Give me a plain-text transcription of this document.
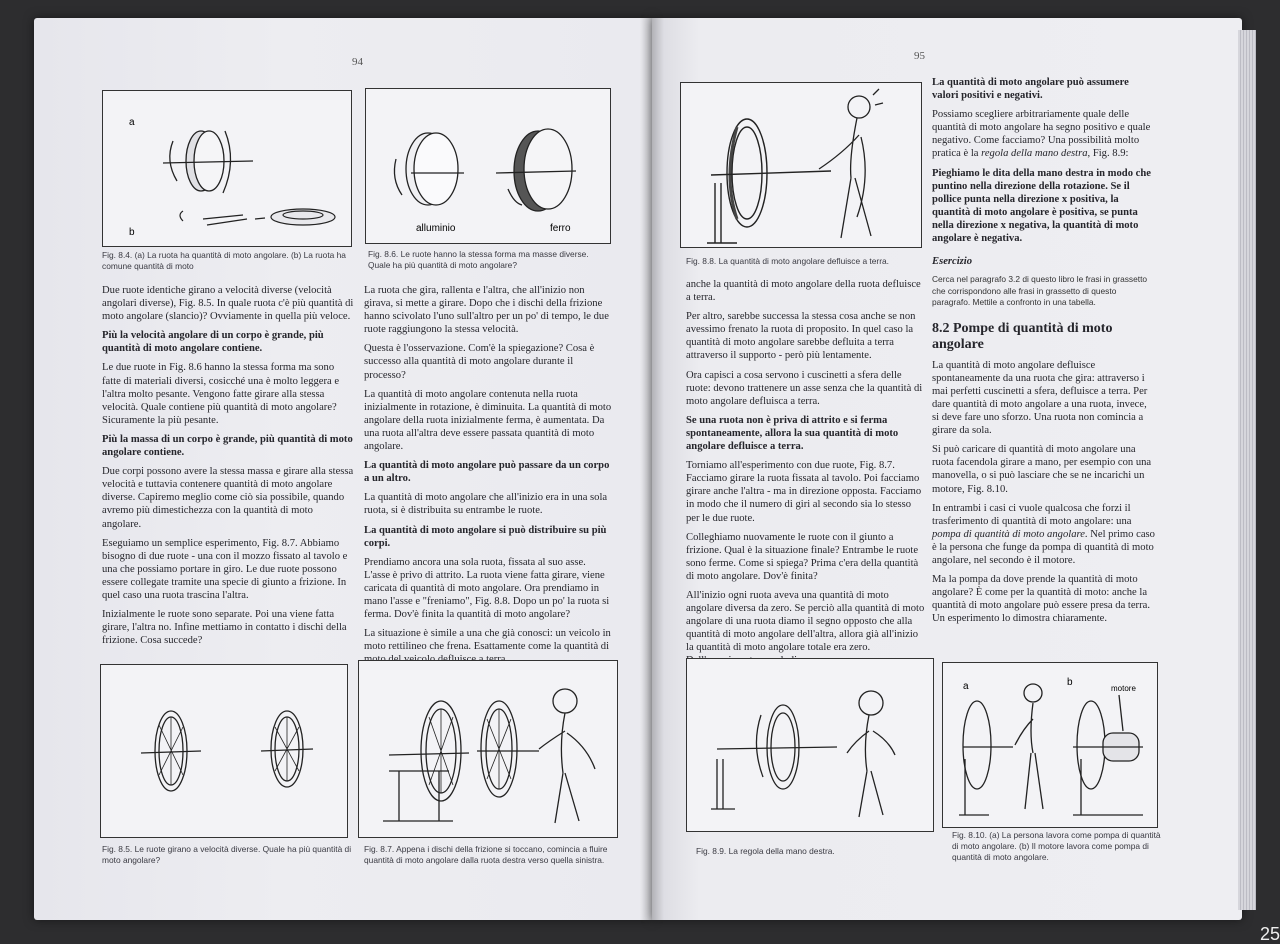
94
a
b
Fig. 8.4. (a) La ruota ha quantità di moto angolare. (b) La ruota ha comune quantità di moto
alluminio	ferro
Fig. 8.6. Le ruote hanno la stessa forma ma masse diverse. Quale ha più quantità di moto angolare?

Due ruote identiche girano a velocità diverse (velocità angolari diverse), Fig. 8.5. In quale ruota c'è più quantità di moto angolare (slancio)? Ovviamente in quella più veloce.

Più la velocità angolare di un corpo è grande, più quantità di moto angolare contiene.

Le due ruote in Fig. 8.6 hanno la stessa forma ma sono fatte di materiali diversi, cosicché una è molto leggera e l'altra molto pesante. Vengono fatte girare alla stessa velocità. Quale contiene più quantità di moto angolare? Sicuramente la più pesante.

Più la massa di un corpo è grande, più quantità di moto angolare contiene.

Due corpi possono avere la stessa massa e girare alla stessa velocità e tuttavia contenere quantità di moto angolare diverse. Capiremo meglio come ciò sia possibile, quando avremo più dimestichezza con la quantità di moto angolare.

Eseguiamo un semplice esperimento, Fig. 8.7. Abbiamo bisogno di due ruote - una con il mozzo fissato al tavolo e una che possiamo portare in giro. Le due ruote possono essere collegate tramite una specie di giunto a frizione. In quel caso una ruota trascina l'altra.

Inizialmente le ruote sono separate. Poi una viene fatta girare, l'altra no. Infine mettiamo in contatto i dischi della frizione. Cosa succede?

La ruota che gira, rallenta e l'altra, che all'inizio non girava, si mette a girare. Dopo che i dischi della frizione hanno scivolato l'uno sull'altro per un po' di tempo, le due ruote raggiungono la stessa velocità.

Questa è l'osservazione. Com'è la spiegazione? Cosa è successo alla quantità di moto angolare durante il processo?

La quantità di moto angolare contenuta nella ruota inizialmente in rotazione, è diminuita. La quantità di moto angolare della ruota inizialmente ferma, è aumentata. Da una ruota all'altra deve essere passata quantità di moto angolare.

La quantità di moto angolare può passare da un corpo a un altro.

La quantità di moto angolare che all'inizio era in una sola ruota, si è distribuita su entrambe le ruote.

La quantità di moto angolare si può distribuire su più corpi.

Prendiamo ancora una sola ruota, fissata al suo asse. L'asse è privo di attrito. La ruota viene fatta girare, viene caricata di quantità di moto angolare. Ora prendiamo in mano l'asse e "freniamo", Fig. 8.8. Dopo un po' la ruota si ferma. Dov'è finita la quantità di moto angolare?

La situazione è simile a una che già conosci: un veicolo in moto rettilineo che frena. Esattamente come la quantità di

Fig. 8.5. Le ruote girano a velocità diverse. Quale ha più quantità di moto angolare?
Fig. 8.7. Appena i dischi della frizione si toccano, comincia a fluire quantità di moto angolare dalla ruota destra verso quella sinistra.
95
Fig. 8.8. La quantità di moto angolare defluisce a terra.

anche la quantità di moto angolare della ruota defluisce a terra.

Per altro, sarebbe successa la stessa cosa anche se non avessimo frenato la ruota di proposito. In quel caso la quantità di moto angolare sarebbe defluita a terra attraverso il supporto - però più lentamente.

Ora capisci a cosa servono i cuscinetti a sfera delle ruote: devono trattenere un asse senza che la quantità di moto angolare defluisca a terra.

Se una ruota non è priva di attrito e si ferma spontaneamente, allora la sua quantità di moto angolare defluisce a terra.

Torniamo all'esperimento con due ruote, Fig. 8.7. Facciamo girare la ruota fissata al tavolo. Poi facciamo girare anche l'altra - ma in direzione opposta. Facciamo in modo che il numero di giri al secondo sia lo stesso per le due ruote.

Colleghiamo nuovamente le ruote con il giunto a frizione. Qual è la situazione finale? Entrambe le ruote sono ferme. Come si spiega? Prima c'era della quantità di moto angolare. Dov'è finita?

All'inizio ogni ruota aveva una quantità di moto angolare diversa da zero. Se perciò alla quantità di moto angolare di una ruota diamo il segno opposto che alla quantità di moto angolare dell'altra, allora già all'inizio la quantità di moto angolare totale era zero.

La quantità di moto angolare può assumere valori positivi e negativi.

Possiamo scegliere arbitrariamente quale delle quantità di moto angolare ha segno positivo e quale negativo. Come facciamo? Una possibilità molto pratica è la regola della mano destra, Fig. 8.9:

Pieghiamo le dita della mano destra in modo che puntino nella direzione della rotazione. Se il pollice punta nella direzione x positiva, la quantità di moto angolare è positiva, se punta nella direzione x negativa, la quantità di moto angolare è negativa.

Esercizio

Cerca nel paragrafo 3.2 di questo libro le frasi in grassetto che corrispondono alle frasi in grassetto di questo paragrafo. Mettile a confronto in una tabella.

8.2 Pompe di quantità di moto angolare

La quantità di moto angolare defluisce spontaneamente da una ruota che gira: attraverso i mai perfetti cuscinetti a sfera, defluisce a terra. Per dare quantità di moto angolare a una ruota, invece, si deve fare uno sforzo. Una ruota non comincia a girare da sola.

Si può caricare di quantità di moto angolare una ruota facendola girare a mano, per esempio con una manovella, o si può lasciare che se ne incarichi un motore, Fig. 8.10.

In entrambi i casi ci vuole qualcosa che forzi il trasferimento di quantità di moto angolare: una pompa di quantità di moto angolare. Nel primo caso è la persona che funge da pompa di quantità di moto angolare, nel secondo è il motore.

Ma la pompa da dove prende la quantità di moto angolare? È come per la quantità di moto: anche la quantità di moto angolare può essere presa da terra. Un esperimento lo dimostra chiaramente.

Fig. 8.9. La regola della mano destra.
a	b
motore
Fig. 8.10. (a) La persona lavora come pompa di quantità di moto angolare. (b) Il motore lavora come pompa di quantità di moto angolare.
25
